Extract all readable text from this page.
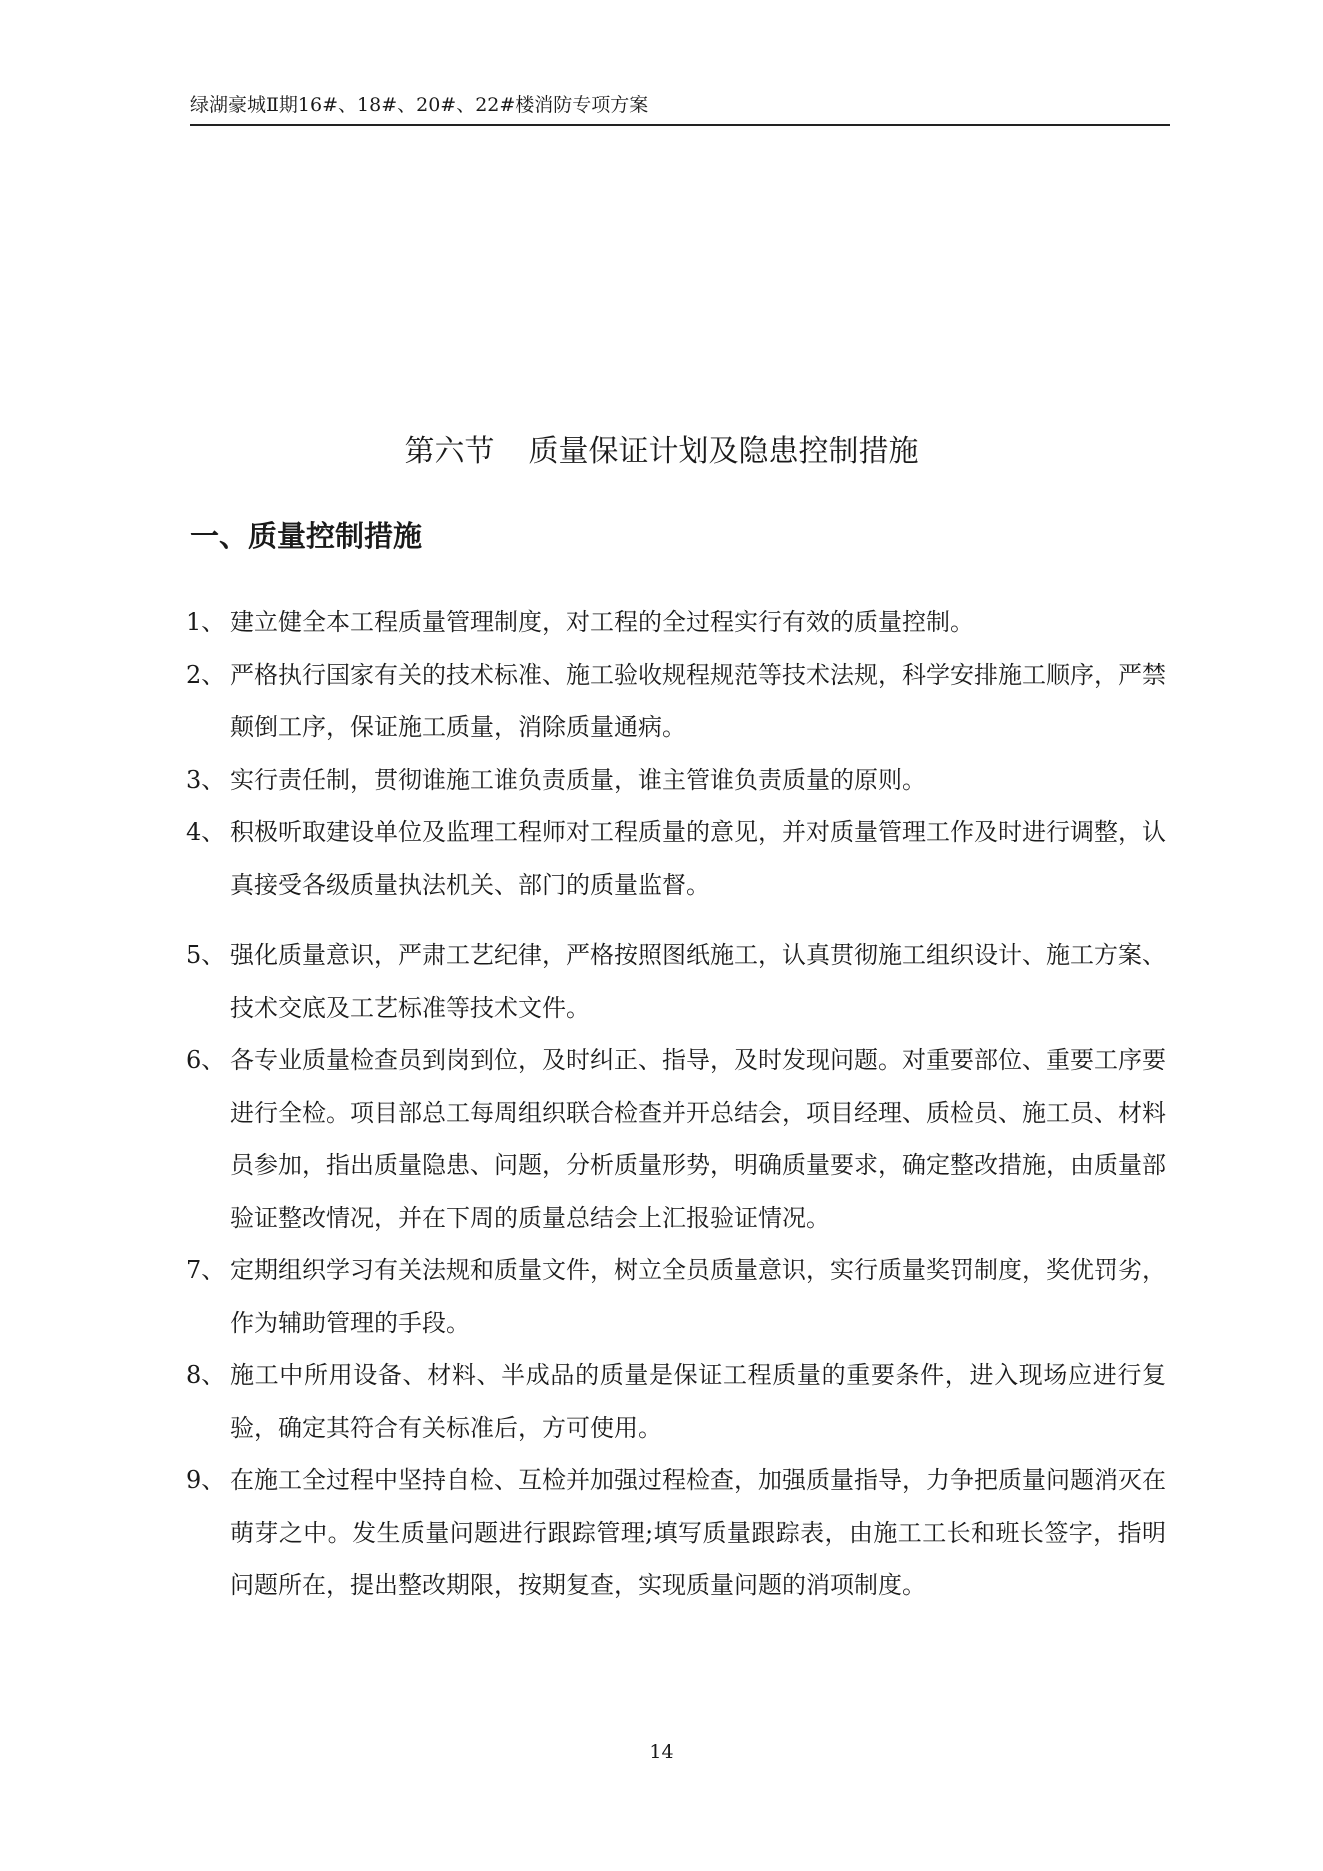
绿湖豪城Ⅱ期16#、18#、20#、22#楼消防专项方案
第六节 质量保证计划及隐患控制措施
一、质量控制措施
1、 建立健全本工程质量管理制度，对工程的全过程实行有效的质量控制。
2、 严格执行国家有关的技术标准、施工验收规程规范等技术法规，科学安排施工顺序，严禁颠倒工序，保证施工质量，消除质量通病。
3、 实行责任制，贯彻谁施工谁负责质量，谁主管谁负责质量的原则。
4、 积极听取建设单位及监理工程师对工程质量的意见，并对质量管理工作及时进行调整，认真接受各级质量执法机关、部门的质量监督。
5、 强化质量意识，严肃工艺纪律，严格按照图纸施工，认真贯彻施工组织设计、施工方案、技术交底及工艺标准等技术文件。
6、 各专业质量检查员到岗到位，及时纠正、指导，及时发现问题。对重要部位、重要工序要进行全检。项目部总工每周组织联合检查并开总结会，项目经理、质检员、施工员、材料员参加，指出质量隐患、问题，分析质量形势，明确质量要求，确定整改措施，由质量部验证整改情况，并在下周的质量总结会上汇报验证情况。
7、 定期组织学习有关法规和质量文件，树立全员质量意识，实行质量奖罚制度，奖优罚劣，作为辅助管理的手段。
8、 施工中所用设备、材料、半成品的质量是保证工程质量的重要条件，进入现场应进行复验，确定其符合有关标准后，方可使用。
9、 在施工全过程中坚持自检、互检并加强过程检查，加强质量指导，力争把质量问题消灭在萌芽之中。发生质量问题进行跟踪管理;填写质量跟踪表，由施工工长和班长签字，指明问题所在，提出整改期限，按期复查，实现质量问题的消项制度。
14
